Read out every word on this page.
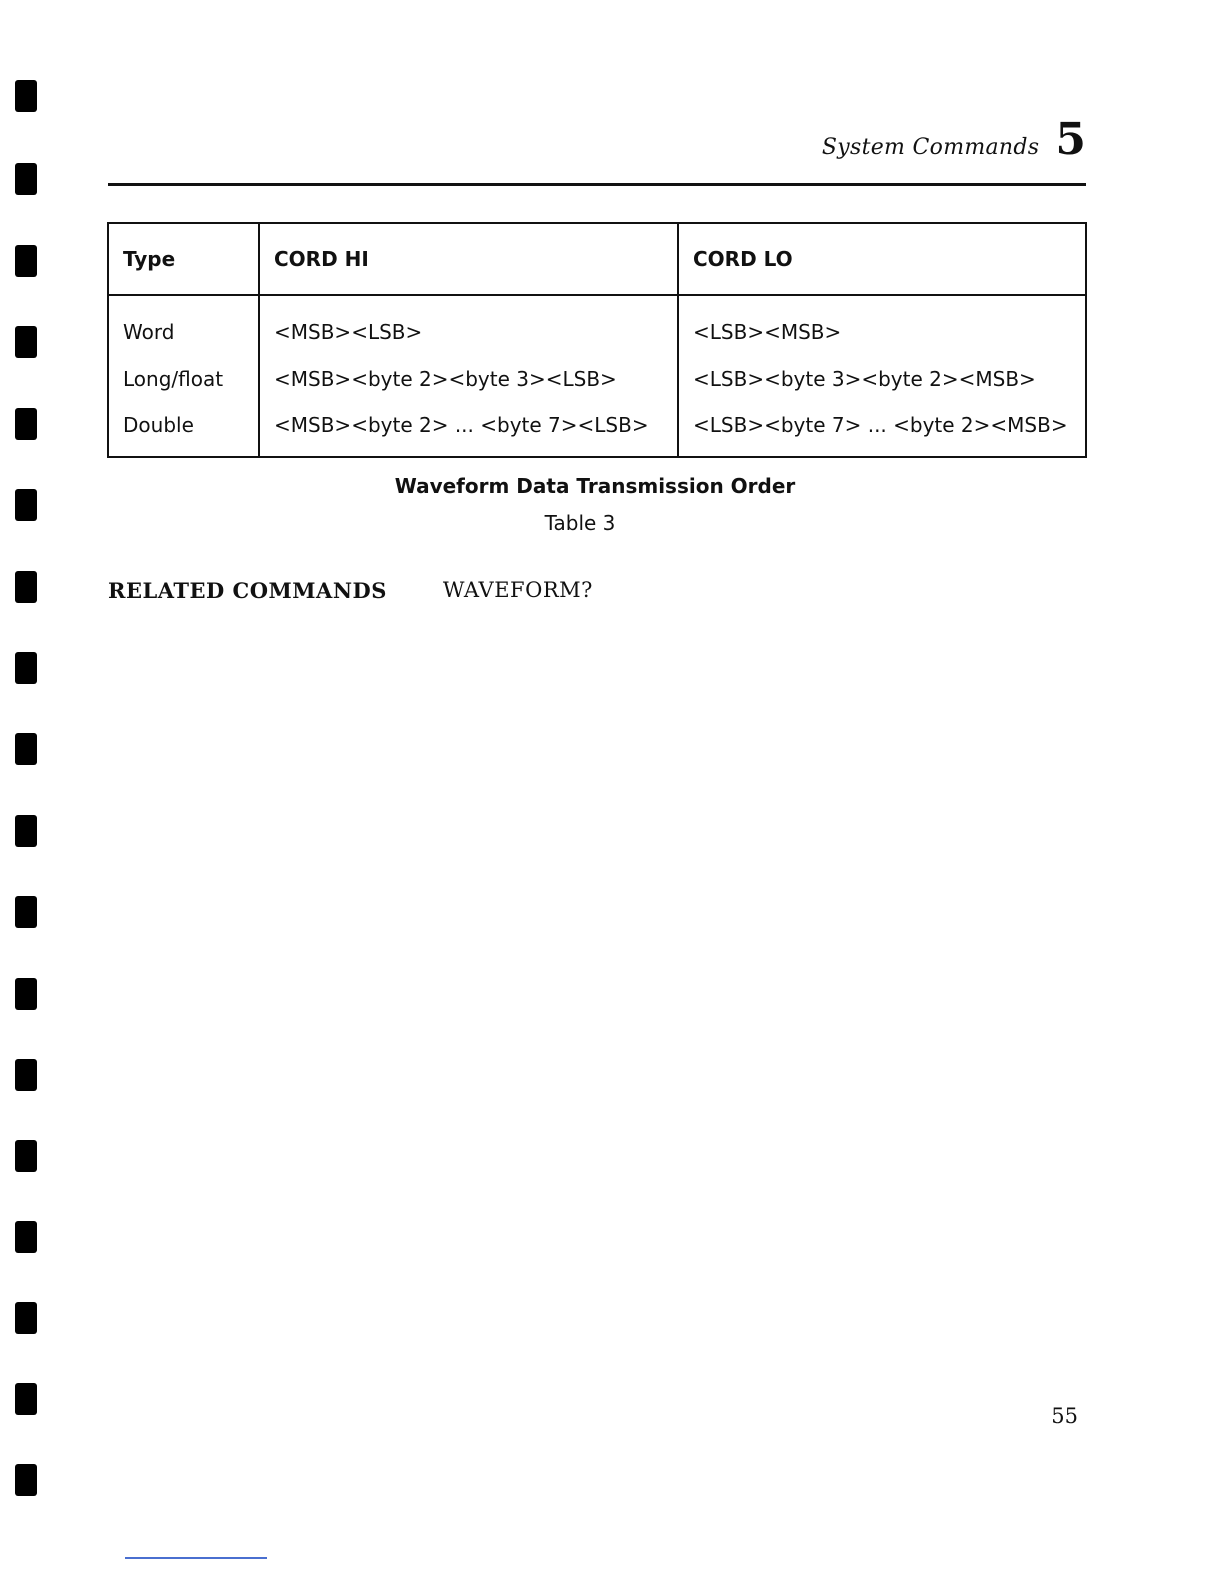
System Commands 5
Type	CORD HI	CORD LO
Word	<MSB><LSB>	<LSB><MSB>
Long/float	<MSB><byte 2><byte 3><LSB>	<LSB><byte 3><byte 2><MSB>
Double	<MSB><byte 2> ... <byte 7><LSB>	<LSB><byte 7> ... <byte 2><MSB>
Waveform Data Transmission Order
Table 3
RELATED COMMANDS	WAVEFORM?
55
